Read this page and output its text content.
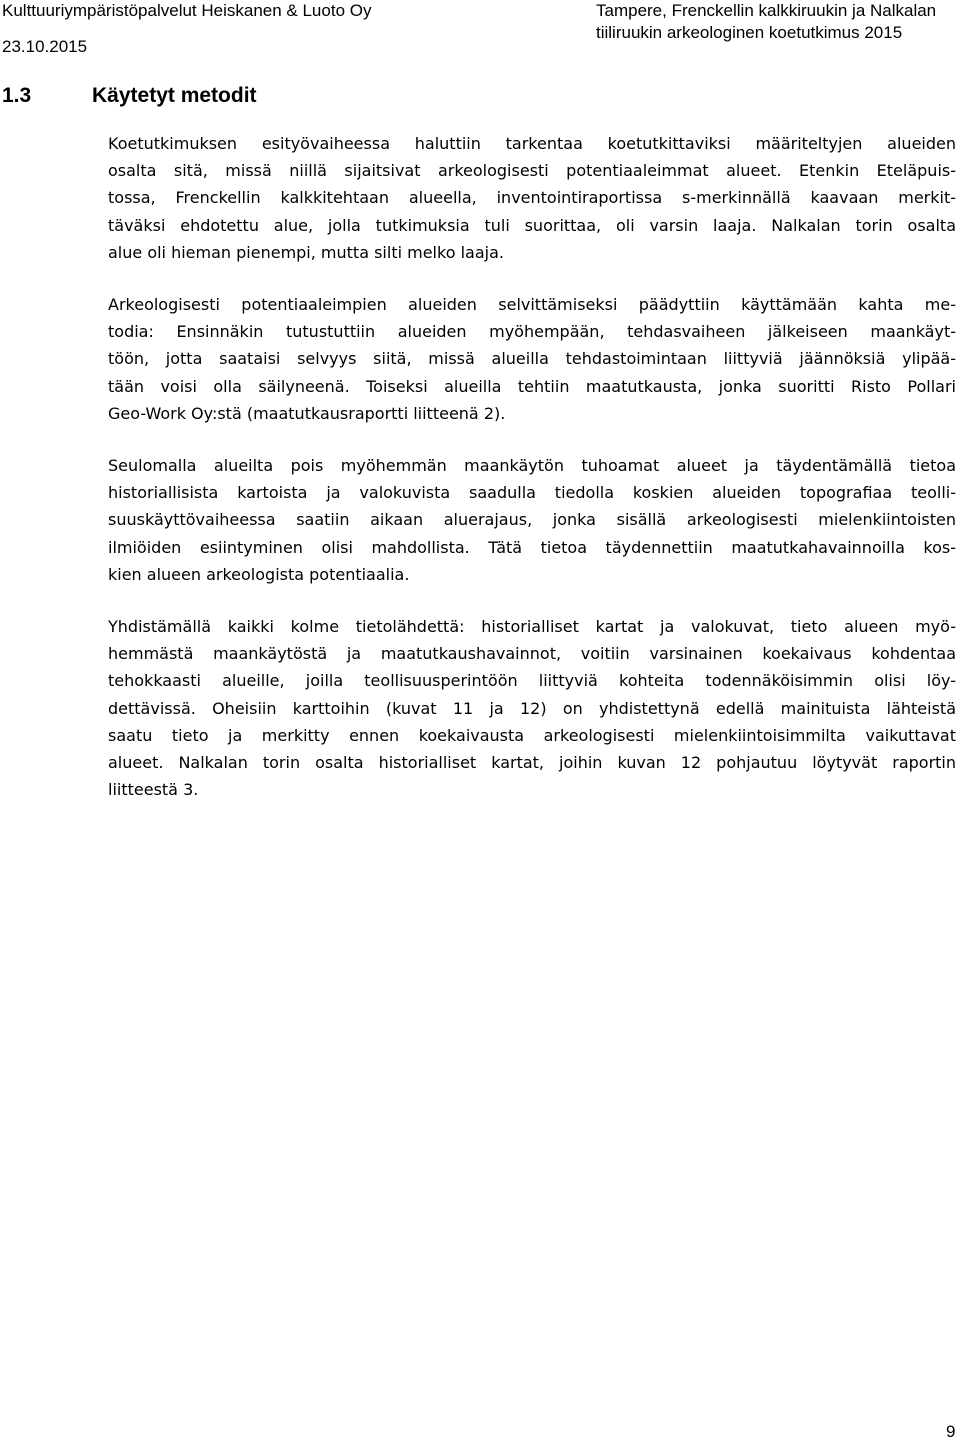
Kulttuuriympäristöpalvelut Heiskanen & Luoto Oy
23.10.2015
Tampere, Frenckellin kalkkiruukin ja Nalkalan
tiiliruukin arkeologinen koetutkimus 2015
1.3	Käytetyt metodit
Koetutkimuksen esityövaiheessa haluttiin tarkentaa koetutkittaviksi määriteltyjen alueiden
osalta sitä, missä niillä sijaitsivat arkeologisesti potentiaaleimmat alueet. Etenkin Eteläpuis-
tossa, Frenckellin kalkkitehtaan alueella, inventointiraportissa s-merkinnällä kaavaan merkit-
täväksi ehdotettu alue, jolla tutkimuksia tuli suorittaa, oli varsin laaja. Nalkalan torin osalta
alue oli hieman pienempi, mutta silti melko laaja.
Arkeologisesti potentiaaleimpien alueiden selvittämiseksi päädyttiin käyttämään kahta me-
todia: Ensinnäkin tutustuttiin alueiden myöhempään, tehdasvaiheen jälkeiseen maankäyt-
töön, jotta saataisi selvyys siitä, missä alueilla tehdastoimintaan liittyviä jäännöksiä ylipää-
tään voisi olla säilyneenä. Toiseksi alueilla tehtiin maatutkausta, jonka suoritti Risto Pollari
Geo-Work Oy:stä (maatutkausraportti liitteenä 2).
Seulomalla alueilta pois myöhemmän maankäytön tuhoamat alueet ja täydentämällä tietoa
historiallisista kartoista ja valokuvista saadulla tiedolla koskien alueiden topografiaa teolli-
suuskäyttövaiheessa saatiin aikaan aluerajaus, jonka sisällä arkeologisesti mielenkiintoisten
ilmiöiden esiintyminen olisi mahdollista. Tätä tietoa täydennettiin maatutkahavainnoilla kos-
kien alueen arkeologista potentiaalia.
Yhdistämällä kaikki kolme tietolähdettä: historialliset kartat ja valokuvat, tieto alueen myö-
hemmästä maankäytöstä ja maatutkaushavainnot, voitiin varsinainen koekaivaus kohdentaa
tehokkaasti alueille, joilla teollisuusperintöön liittyviä kohteita todennäköisimmin olisi löy-
dettävissä. Oheisiin karttoihin (kuvat 11 ja 12) on yhdistettynä edellä mainituista lähteistä
saatu tieto ja merkitty ennen koekaivausta arkeologisesti mielenkiintoisimmilta vaikuttavat
alueet. Nalkalan torin osalta historialliset kartat, joihin kuvan 12 pohjautuu löytyvät raportin
liitteestä 3.
9
